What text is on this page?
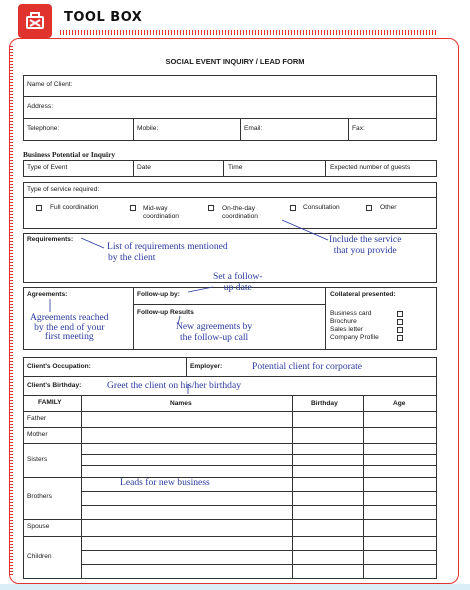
TOOL BOX
SOCIAL EVENT INQUIRY / LEAD FORM
Name of Client:
Address:
Telephone:	Mobile:	Email:	Fax:
Business Potential or Inquiry
Type of Event	Date	Time	Expected number of guests
Type of service required:
Full coordination	Mid-way coordination
On-the-day coordination
Consultation	Other
Requirements:
Agreements:	Follow-up by:
Follow-up Results
Collateral presented:
Business card
Brochure
Sales letter
Company Profile
Client's Occupation:	Employer:
Client's Birthday:
FAMILY	Names	Birthday	Age
Father
Mother
Sisters
Brothers
Spouse
Children
List of requirements mentioned
by the client
Include the service
that you provide
Set a follow-
up date
Agreements reached
by the end of your
first meeting
New agreements by
the follow-up call
Potential client for corporate
Greet the client on his/her birthday
Leads for new business
